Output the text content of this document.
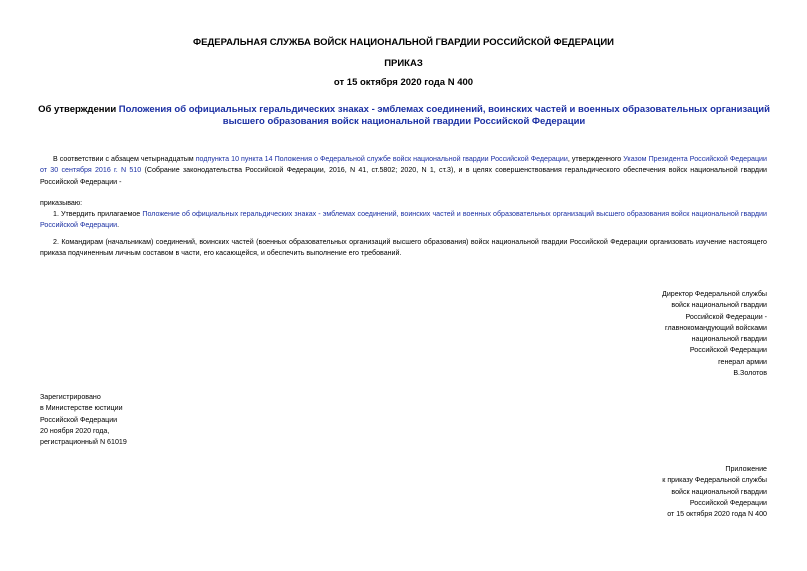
ФЕДЕРАЛЬНАЯ СЛУЖБА ВОЙСК НАЦИОНАЛЬНОЙ ГВАРДИИ РОССИЙСКОЙ ФЕДЕРАЦИИ
ПРИКАЗ
от 15 октября 2020 года N 400
Об утверждении Положения об официальных геральдических знаках - эмблемах соединений, воинских частей и военных образовательных организаций высшего образования войск национальной гвардии Российской Федерации
В соответствии с абзацем четырнадцатым подпункта 10 пункта 14 Положения о Федеральной службе войск национальной гвардии Российской Федерации, утвержденного Указом Президента Российской Федерации от 30 сентября 2016 г. N 510 (Собрание законодательства Российской Федерации, 2016, N 41, ст.5802; 2020, N 1, ст.3), и в целях совершенствования геральдического обеспечения войск национальной гвардии Российской Федерации -
приказываю:
1. Утвердить прилагаемое Положение об официальных геральдических знаках - эмблемах соединений, воинских частей и военных образовательных организаций высшего образования войск национальной гвардии Российской Федерации.
2. Командирам (начальникам) соединений, воинских частей (военных образовательных организаций высшего образования) войск национальной гвардии Российской Федерации организовать изучение настоящего приказа подчиненным личным составом в части, его касающейся, и обеспечить выполнение его требований.
Директор Федеральной службы
войск национальной гвардии
Российской Федерации -
главнокомандующий войсками
национальной гвардии
Российской Федерации
генерал армии
В.Золотов
Зарегистрировано
в Министерстве юстиции
Российской Федерации
20 ноября 2020 года,
регистрационный N 61019
Приложение
к приказу Федеральной службы
войск национальной гвардии
Российской Федерации
от 15 октября 2020 года N 400
